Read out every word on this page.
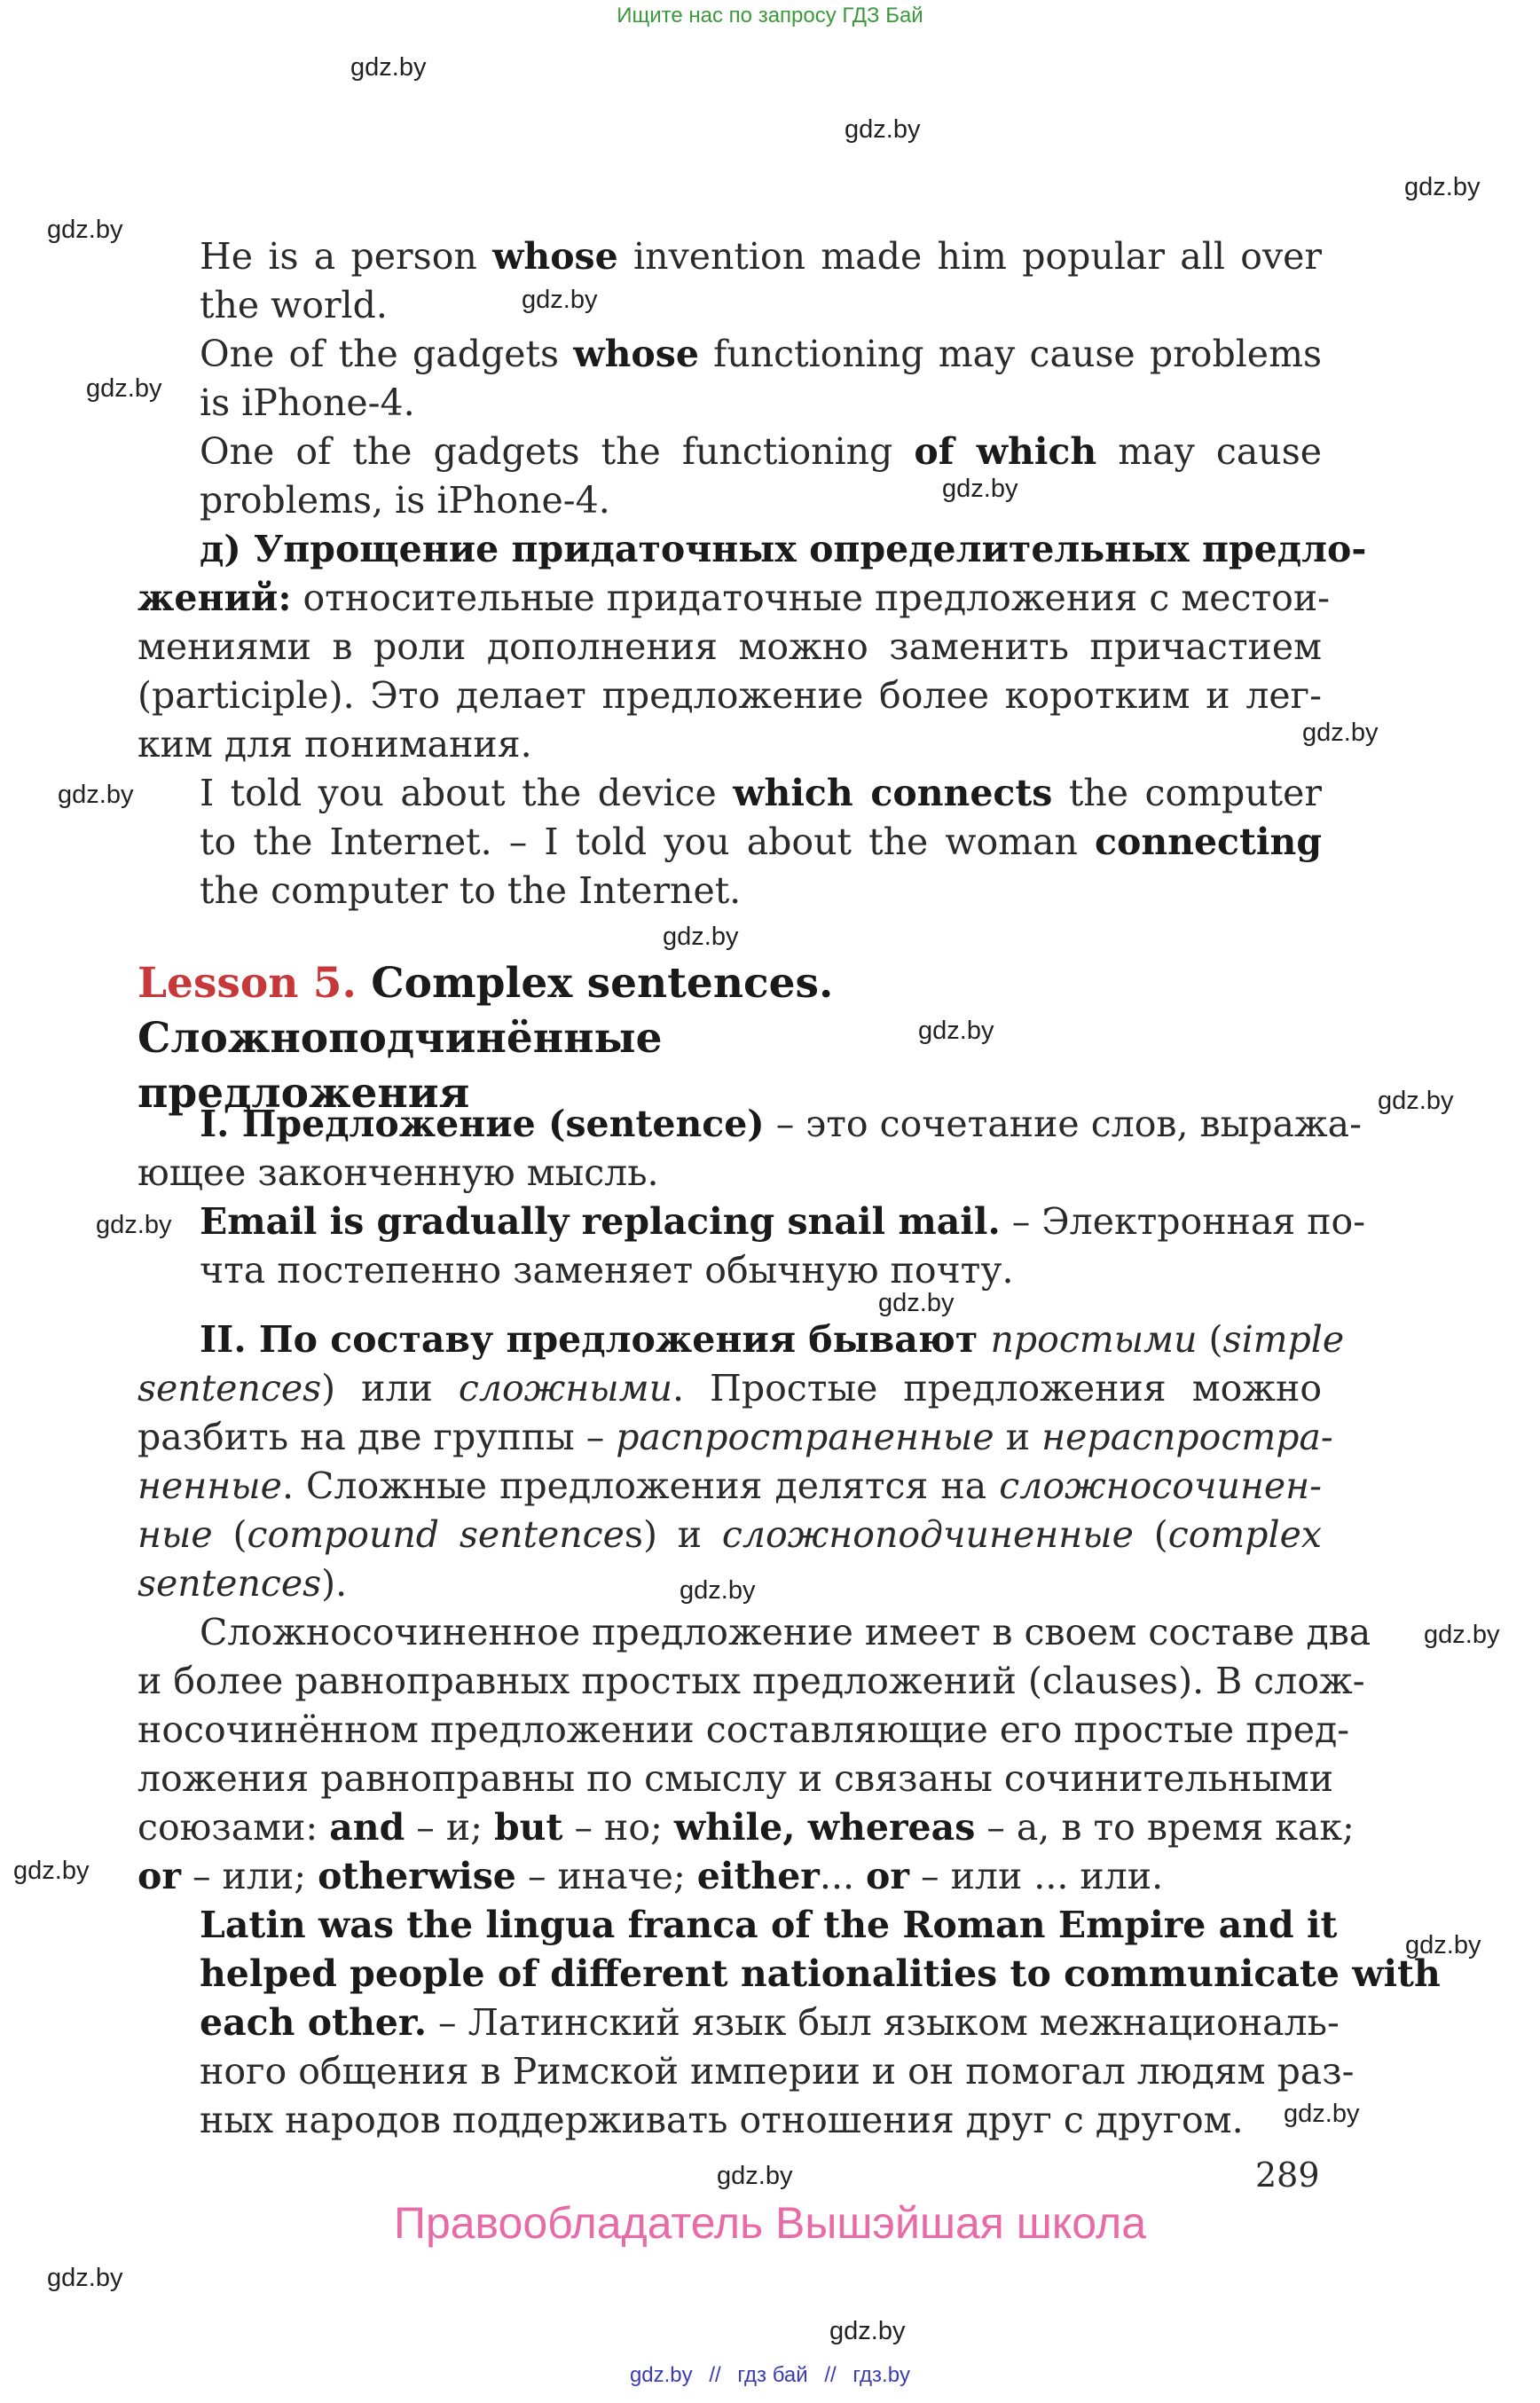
Ищите нас по запросу ГДЗ Бай
gdz.by
gdz.by
gdz.by
gdz.by
gdz.by
gdz.by
gdz.by
gdz.by
gdz.by
gdz.by
gdz.by
gdz.by
gdz.by
gdz.by
gdz.by
gdz.by
gdz.by
gdz.by
gdz.by
gdz.by
gdz.by
gdz.by
He is a person whose invention made him popular all over
the world.
One of the gadgets whose functioning may cause problems
is iPhone-4.
One of the gadgets the functioning of which may cause
problems, is iPhone-4.
д) Упрощение придаточных определительных предло-
жений: относительные придаточные предложения с местои-
мениями в роли дополнения можно заменить причастием
(participle). Это делает предложение более коротким и лег-
ким для понимания.
I told you about the device which connects the computer
to the Internet. – I told you about the woman connecting
the computer to the Internet.
I. Предложение (sentence) – это сочетание слов, выража-
ющее законченную мысль.
Email is gradually replacing snail mail. – Электронная по-
чта постепенно заменяет обычную почту.
II. По составу предложения бывают простыми (simple
sentences) или сложными. Простые предложения можно
разбить на две группы – распространенные и нераспростра-
ненные. Сложные предложения делятся на сложносочинен-
ные (compound sentences) и сложноподчиненные (complex
sentences).
Сложносочиненное предложение имеет в своем составе два
и более равноправных простых предложений (clauses). В слож-
носочинённом предложении составляющие его простые пред-
ложения равноправны по смыслу и связаны сочинительными
союзами: and – и; but – но; while, whereas – а, в то время как;
or – или; otherwise – иначе; either... or – или ... или.
Latin was the lingua franca of the Roman Empire and it
helped people of different nationalities to communicate with
each other. – Латинский язык был языком межнациональ-
ного общения в Римской империи и он помогал людям раз-
ных народов поддерживать отношения друг с другом.
Lesson 5. Complex sentences. Сложноподчинённые
предложения
289
Правообладатель Вышэйшая школа
gdz.by // гдз бай // гдз.by
